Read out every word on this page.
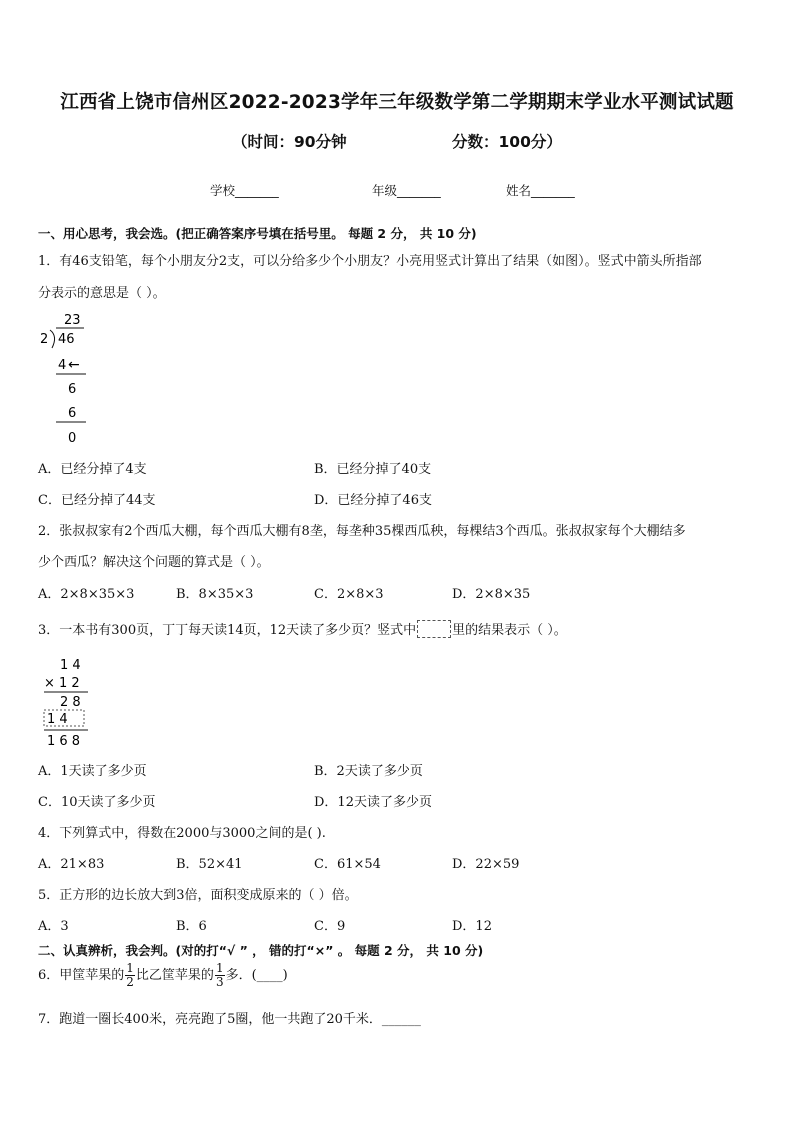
江西省上饶市信州区2022-2023学年三年级数学第二学期期末学业水平测试试题
（时间：90分钟	分数：100分）
学校_______	年级_______	姓名_______
一、用心思考，我会选。(把正确答案序号填在括号里。 每题 2 分， 共 10 分)
1．有46支铅笔，每个小朋友分2支，可以分给多少个小朋友？小亮用竖式计算出了结果（如图）。竖式中箭头所指部
分表示的意思是（ ）。
23
2 46
4 ←
6
6
0
A．已经分掉了4支	B．已经分掉了40支
C．已经分掉了44支	D．已经分掉了46支
2．张叔叔家有2个西瓜大棚，每个西瓜大棚有8垄，每垄种35棵西瓜秧，每棵结3个西瓜。张叔叔家每个大棚结多
少个西瓜？解决这个问题的算式是（ ）。
A．2×8×35×3	B．8×35×3	C．2×8×3	D．2×8×35
3．一本书有300页，丁丁每天读14页，12天读了多少页？竖式中	里的结果表示（ ）。
1 4
× 1 2
2 8
1 4
1 6 8
A．1天读了多少页	B．2天读了多少页
C．10天读了多少页	D．12天读了多少页
4．下列算式中，得数在2000与3000之间的是( ).
A．21×83	B．52×41	C．61×54	D．22×59
5．正方形的边长放大到3倍，面积变成原来的（ ）倍。
A．3	B．6	C．9	D．12
二、认真辨析，我会判。(对的打“√ ” ， 错的打“×” 。 每题 2 分， 共 10 分)
6．甲筐苹果的 $\frac{1}{2}$ 比乙筐苹果的 $\frac{1}{3}$ 多．(____)
7．跑道一圈长400米，亮亮跑了5圈，他一共跑了20千米．______
